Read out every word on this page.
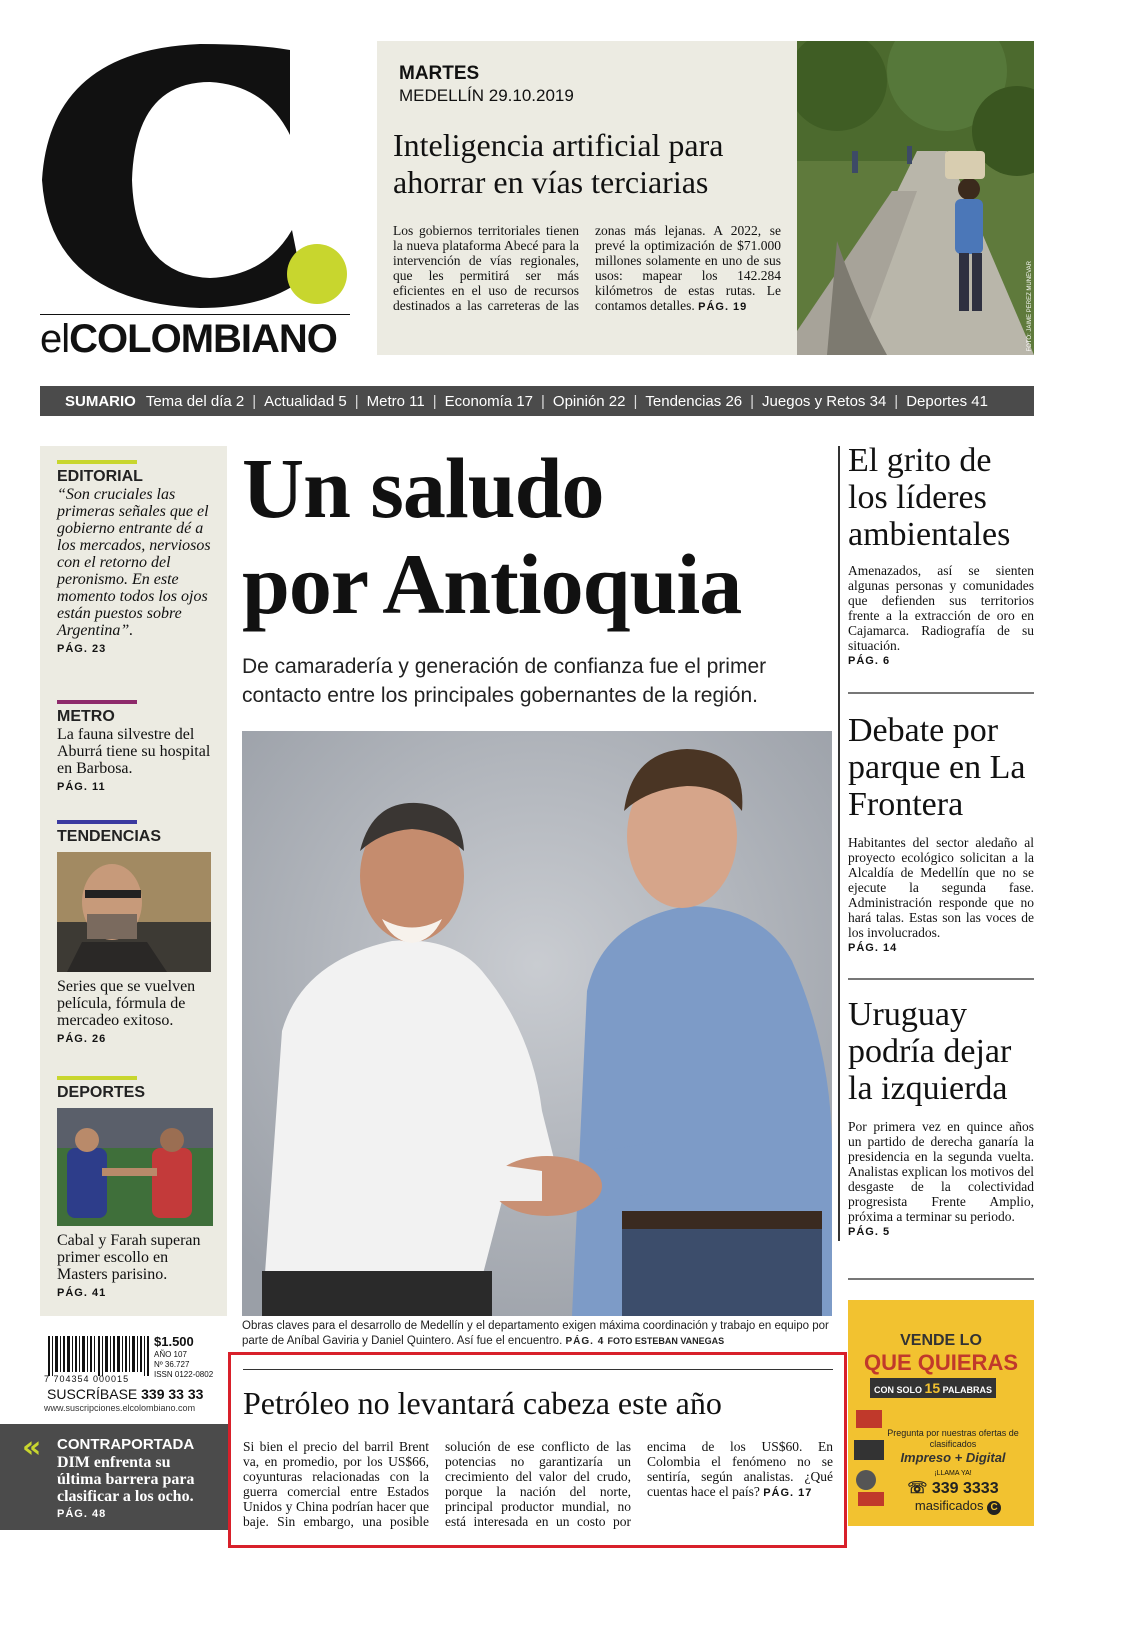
elCOLOMBIANO
MARTES
MEDELLÍN 29.10.2019
Inteligencia artificial para ahorrar en vías terciarias
Los gobiernos territoriales tienen la nueva plataforma Abecé para la intervención de vías regionales, que les permitirá ser más eficientes en el uso de recursos destinados a las carreteras de las zonas más lejanas. A 2022, se prevé la optimización de $71.000 millones solamente en uno de sus usos: mapear los 142.284 kilómetros de estas rutas. Le contamos detalles. PÁG. 19	FOTO: JAIME PÉREZ MUNÉVAR
SUMARIO Tema del día 2 | Actualidad 5 | Metro 11 | Economía 17 | Opinión 22 | Tendencias 26 | Juegos y Retos 34 | Deportes 41
EDITORIAL
“Son cruciales las primeras señales que el gobierno entrante dé a los mercados, nerviosos con el retorno del peronismo. En este momento todos los ojos están puestos sobre Argentina”.
PÁG. 23
METRO
La fauna silvestre del Aburrá tiene su hospital en Barbosa.
PÁG. 11
TENDENCIAS
Series que se vuelven película, fórmula de mercadeo exitoso.
PÁG. 26
DEPORTES
Cabal y Farah superan primer escollo en Masters parisino.
PÁG. 41
7 704354 000015
$1.500
AÑO 107
Nº 36.727
ISSN 0122-0802
SUSCRÍBASE 339 33 33
www.suscripciones.elcolombiano.com
« CONTRAPORTADA
DIM enfrenta su última barrera para clasificar a los ocho.
PÁG. 48
Un saludo
por Antioquia
De camaradería y generación de confianza fue el primer contacto entre los principales gobernantes de la región.
Obras claves para el desarrollo de Medellín y el departamento exigen máxima coordinación y trabajo en equipo por parte de Aníbal Gaviria y Daniel Quintero. Así fue el encuentro. PÁG. 4 FOTO ESTEBAN VANEGAS
El grito de los líderes ambientales
Amenazados, así se sienten algunas personas y comunidades que defienden sus territorios frente a la extracción de oro en Cajamarca. Radiografía de su situación.
PÁG. 6
Debate por parque en La Frontera
Habitantes del sector aledaño al proyecto ecológico solicitan a la Alcaldía de Medellín que no se ejecute la segunda fase. Administración responde que no hará talas. Estas son las voces de los involucrados.
PÁG. 14
Uruguay podría dejar la izquierda
Por primera vez en quince años un partido de derecha ganaría la presidencia en la segunda vuelta. Analistas explican los motivos del desgaste de la colectividad progresista Frente Amplio, próxima a terminar su periodo.
PÁG. 5
Petróleo no levantará cabeza este año
Si bien el precio del barril Brent va, en promedio, por los US$66, coyunturas relacionadas con la guerra comercial entre Estados Unidos y China podrían hacer que baje. Sin embargo, una posible solución de ese conflicto de las potencias no garantizaría un crecimiento del valor del crudo, porque la nación del norte, principal productor mundial, no está interesada en un costo por encima de los US$60. En Colombia el fenómeno no se sentiría, según analistas. ¿Qué cuentas hace el país? PÁG. 17
VENDE LO
QUE QUIERAS
CON SOLO 15 PALABRAS
Pregunta por nuestras ofertas de clasificados
Impreso + Digital
¡LLAMA YA!
☏ 339 3333
masificados C
